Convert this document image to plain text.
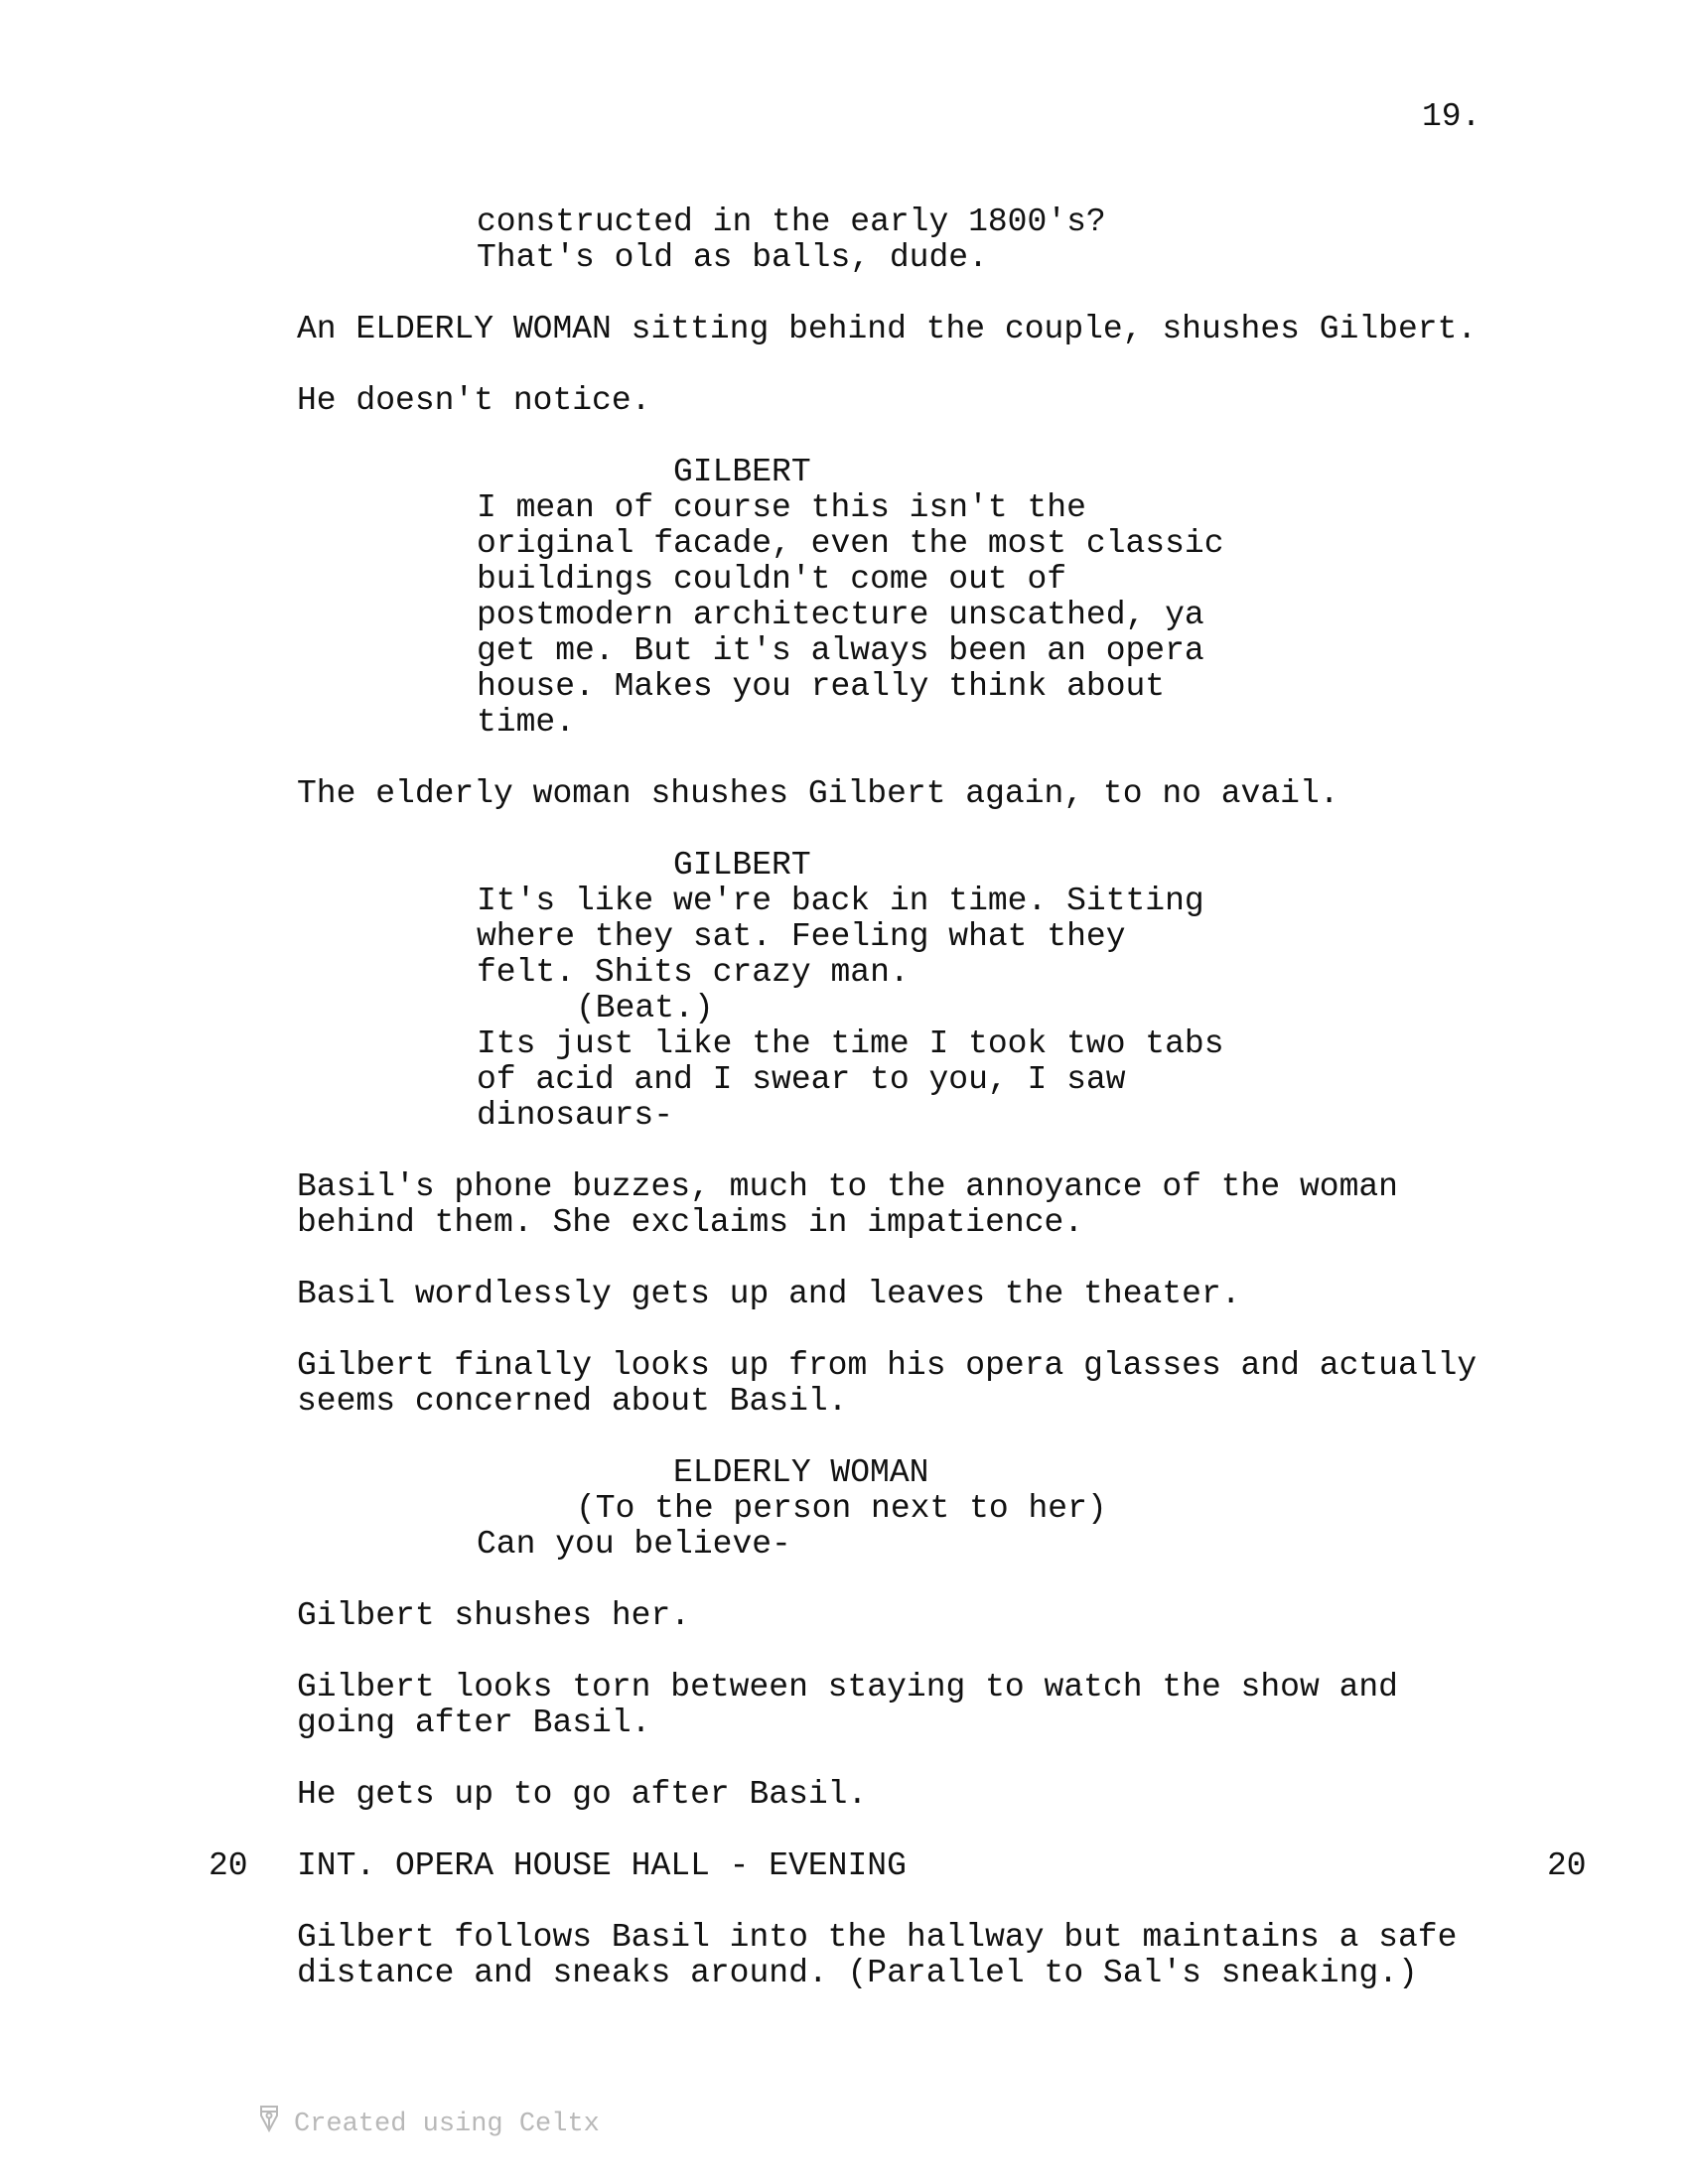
19.
constructed in the early 1800's?
That's old as balls, dude.
An ELDERLY WOMAN sitting behind the couple, shushes Gilbert.
He doesn't notice.
GILBERT
I mean of course this isn't the
original facade, even the most classic
buildings couldn't come out of
postmodern architecture unscathed, ya
get me. But it's always been an opera
house. Makes you really think about
time.
The elderly woman shushes Gilbert again, to no avail.
GILBERT
It's like we're back in time. Sitting
where they sat. Feeling what they
felt. Shits crazy man.
(Beat.)
Its just like the time I took two tabs
of acid and I swear to you, I saw
dinosaurs-
Basil's phone buzzes, much to the annoyance of the woman
behind them. She exclaims in impatience.
Basil wordlessly gets up and leaves the theater.
Gilbert finally looks up from his opera glasses and actually
seems concerned about Basil.
ELDERLY WOMAN
(To the person next to her)
Can you believe-
Gilbert shushes her.
Gilbert looks torn between staying to watch the show and
going after Basil.
He gets up to go after Basil.
20 INT. OPERA HOUSE HALL - EVENING	20
Gilbert follows Basil into the hallway but maintains a safe
distance and sneaks around. (Parallel to Sal's sneaking.)
Created using Celtx
